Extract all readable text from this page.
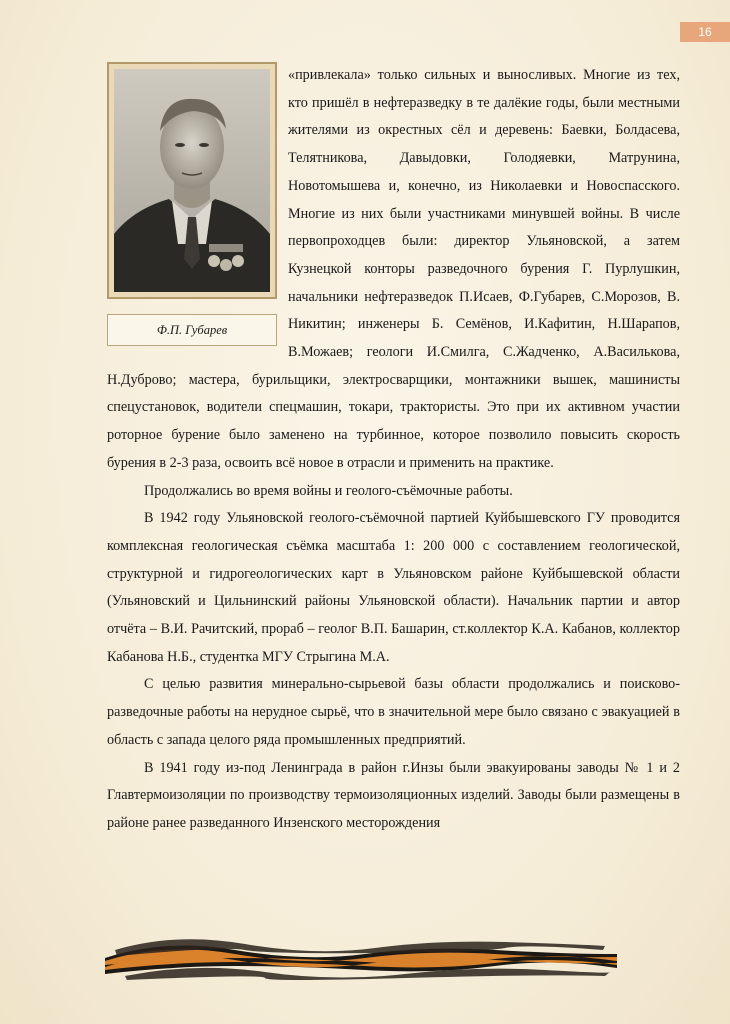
16
Ф.П. Губарев

«привлекала» только сильных и выносливых. Многие из тех, кто пришёл в нефтеразведку в те далёкие годы, были местными жителями из окрестных сёл и деревень: Баевки, Болдасева, Телятникова, Давыдовки, Голодяевки, Матрунина, Новотомышева и, конечно, из Николаевки и Новоспасского. Многие из них были участниками минувшей войны. В числе первопроходцев были: директор Ульяновской, а затем Кузнецкой конторы разведочного бурения Г. Пурлушкин, начальники нефтеразведок П.Исаев, Ф.Губарев, С.Морозов, В. Никитин; инженеры Б. Семёнов, И.Кафитин, Н.Шарапов, В.Можаев; геологи И.Смилга, С.Жадченко, А.Василькова, Н.Дуброво; мастера, бурильщики, электросварщики, монтажники вышек, машинисты спецустановок, водители спецмашин, токари, трактористы. Это при их активном участии роторное бурение было заменено на турбинное, которое позволило повысить скорость бурения в 2-3 раза, освоить всё новое в отрасли и применить на практике.

Продолжались во время войны и геолого-съёмочные работы.

В 1942 году Ульяновской геолого-съёмочной партией Куйбышевского ГУ проводится комплексная геологическая съёмка масштаба 1: 200 000 с составлением геологической, структурной и гидрогеологических карт в Ульяновском районе Куйбышевской области (Ульяновский и Цильнинский районы Ульяновской области). Начальник партии и автор отчёта – В.И. Рачитский, прораб – геолог В.П. Башарин, ст.коллектор К.А. Кабанов, коллектор Кабанова Н.Б., студентка МГУ Стрыгина М.А.

С целью развития минерально-сырьевой базы области продолжались и поисково-разведочные работы на нерудное сырьё, что в значительной мере было связано с эвакуацией в область с запада целого ряда промышленных предприятий.

В 1941 году из-под Ленинграда в район г.Инзы были эвакуированы заводы № 1 и 2 Главтермоизоляции по производству термоизоляционных изделий. Заводы были размещены в районе ранее разведанного Инзенского месторождения
